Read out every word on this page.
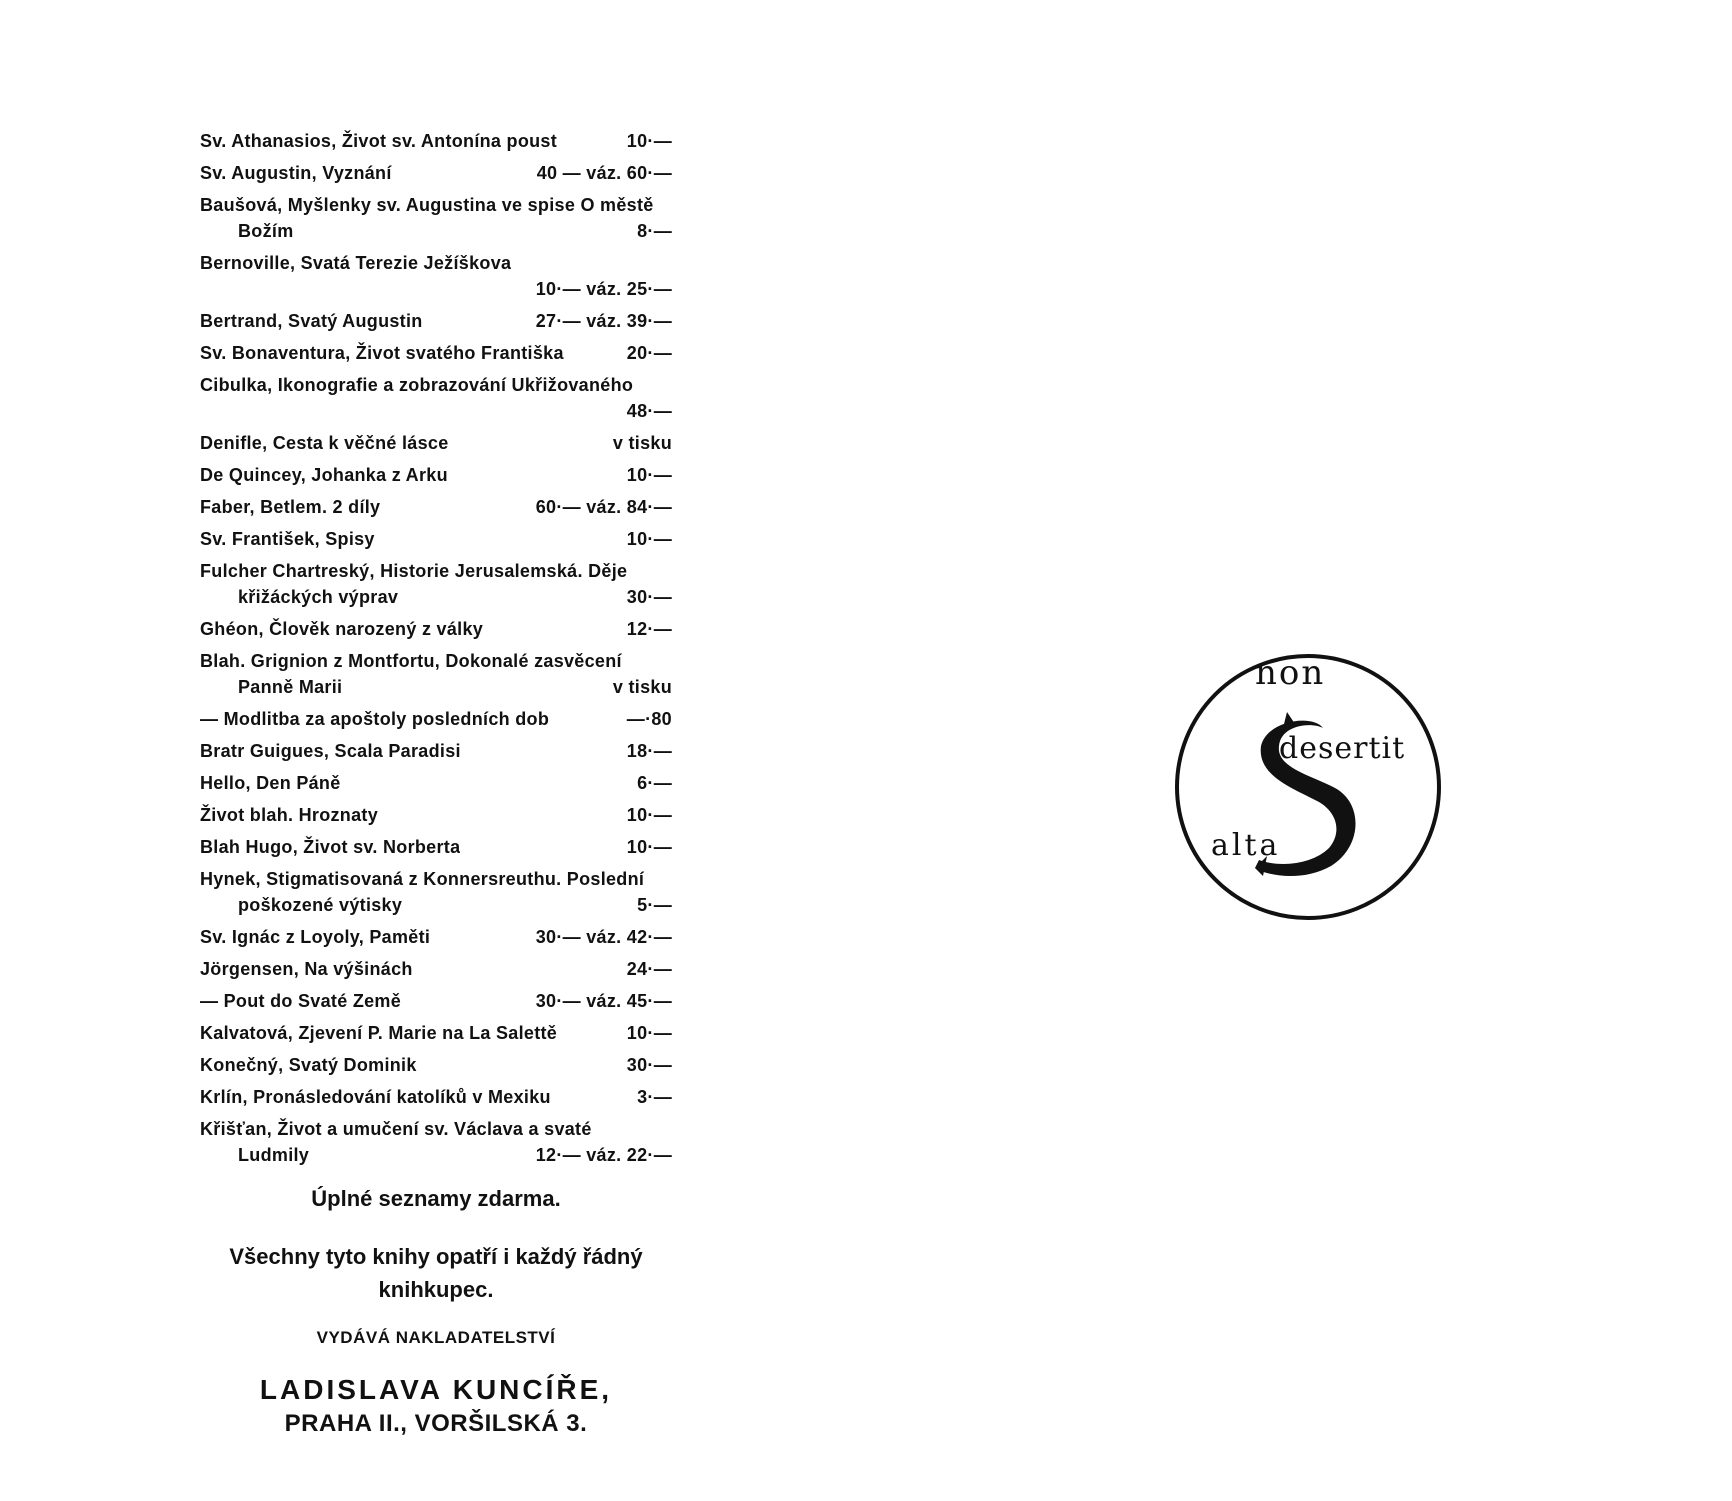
Sv. Athanasios, Život sv. Antonína poust	10·—
Sv. Augustin, Vyznání	40 — váz. 60·—
Baušová, Myšlenky sv. Augustina ve spise O městě
Božím	8·—
Bernoville, Svatá Terezie Ježíškova
10·— váz. 25·—
Bertrand, Svatý Augustin	27·— váz. 39·—
Sv. Bonaventura, Život svatého Františka	20·—
Cibulka, Ikonografie a zobrazování Ukřižovaného
48·—
Denifle, Cesta k věčné lásce	v tisku
De Quincey, Johanka z Arku	10·—
Faber, Betlem. 2 díly	60·— váz. 84·—
Sv. František, Spisy	10·—
Fulcher Chartreský, Historie Jerusalemská. Děje
křižáckých výprav	30·—
Ghéon, Člověk narozený z války	12·—
Blah. Grignion z Montfortu, Dokonalé zasvěcení
Panně Marii	v tisku
— Modlitba za apoštoly posledních dob	—·80
Bratr Guigues, Scala Paradisi	18·—
Hello, Den Páně	6·—
Život blah. Hroznaty	10·—
Blah Hugo, Život sv. Norberta	10·—
Hynek, Stigmatisovaná z Konnersreuthu. Poslední
poškozené výtisky	5·—
Sv. Ignác z Loyoly, Paměti	30·— váz. 42·—
Jörgensen, Na výšinách	24·—
— Pout do Svaté Země	30·— váz. 45·—
Kalvatová, Zjevení P. Marie na La Salettě	10·—
Konečný, Svatý Dominik	30·—
Krlín, Pronásledování katolíků v Mexiku	3·—
Křišťan, Život a umučení sv. Václava a svaté
Ludmily	12·— váz. 22·—

Úplné seznamy zdarma.

Všechny tyto knihy opatří i každý řádný knihkupec.

VYDÁVÁ NAKLADATELSTVÍ

LADISLAVA KUNCÍŘE,

PRAHA II., VORŠILSKÁ 3.

non
desertit
alta
